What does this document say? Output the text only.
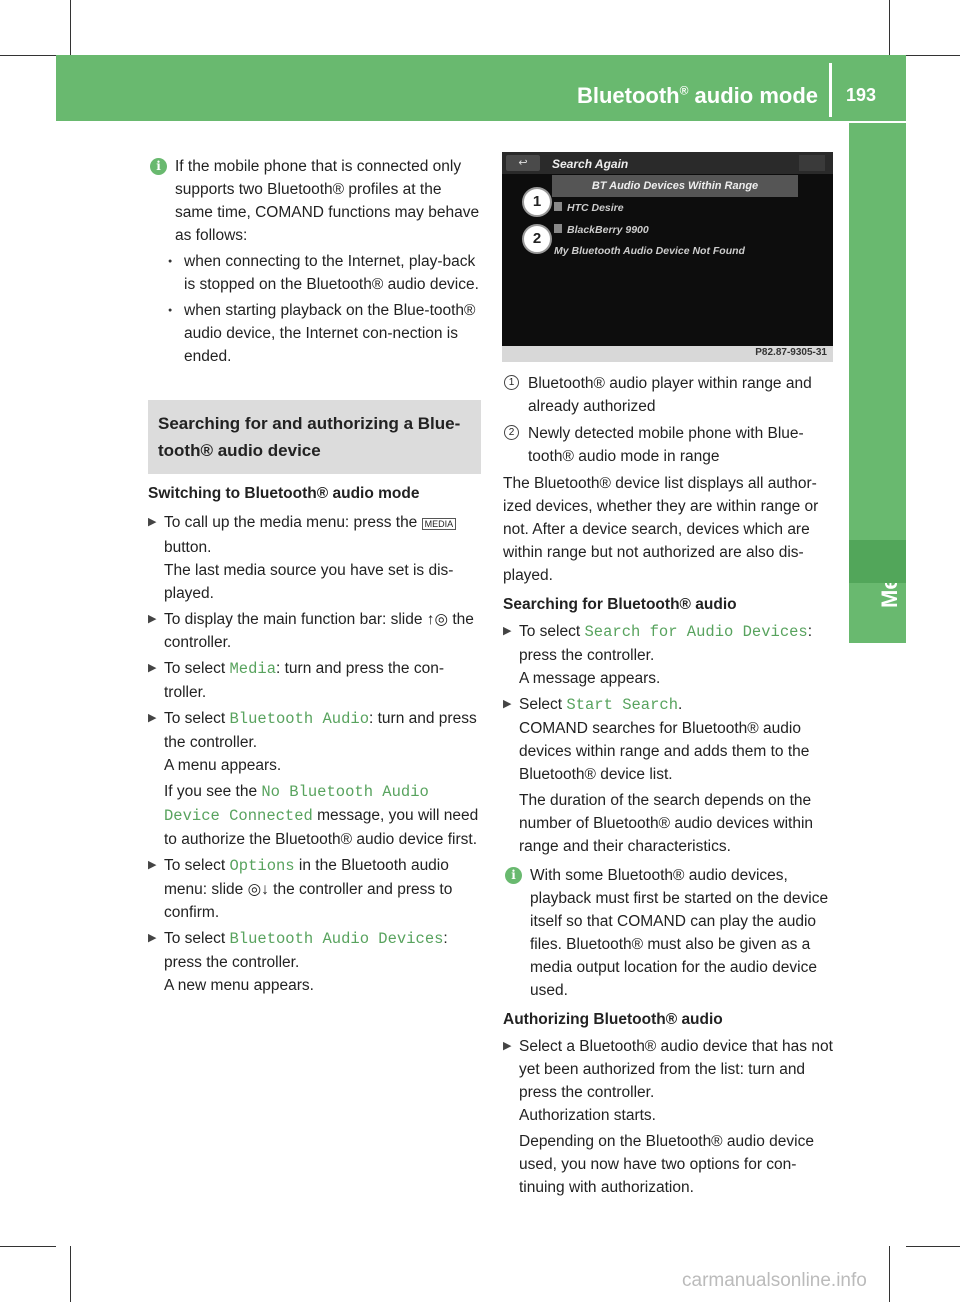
Bluetooth® audio mode 193

i If the mobile phone that is connected only supports two Bluetooth® profiles at the same time, COMAND functions may behave as follows:

● when connecting to the Internet, play-back is stopped on the Bluetooth® audio device.

● when starting playback on the Blue-tooth® audio device, the Internet con-nection is ended.

Searching for and authorizing a Blue-tooth® audio device

Switching to Bluetooth® audio mode

▶ To call up the media menu: press the MEDIA button.
The last media source you have set is dis-played.

▶ To display the main function bar: slide ↑◎ the controller.

▶ To select Media: turn and press the con-troller.

▶ To select Bluetooth Audio: turn and press the controller.
A menu appears.

If you see the No Bluetooth Audio Device Connected message, you will need to authorize the Bluetooth® audio device first.

▶ To select Options in the Bluetooth audio menu: slide ◎↓ the controller and press to confirm.

▶ To select Bluetooth Audio Devices: press the controller.
A new menu appears.

↩	Search Again
BT Audio Devices Within Range
HTC Desire
BlackBerry 9900
My Bluetooth Audio Device Not Found
1
2
P82.87-9305-31

1 Bluetooth® audio player within range and already authorized

2 Newly detected mobile phone with Blue-tooth® audio mode in range

The Bluetooth® device list displays all author-ized devices, whether they are within range or not. After a device search, devices which are within range but not authorized are also dis-played.

Searching for Bluetooth® audio

▶ To select Search for Audio Devices: press the controller.
A message appears.

▶ Select Start Search.
COMAND searches for Bluetooth® audio devices within range and adds them to the Bluetooth® device list.

The duration of the search depends on the number of Bluetooth® audio devices within range and their characteristics.

i With some Bluetooth® audio devices, playback must first be started on the device itself so that COMAND can play the audio files. Bluetooth® must also be given as a media output location for the audio device used.

Authorizing Bluetooth® audio

▶ Select a Bluetooth® audio device that has not yet been authorized from the list: turn and press the controller.
Authorization starts.

Depending on the Bluetooth® audio device used, you now have two options for con-tinuing with authorization.

carmanualsonline.info
